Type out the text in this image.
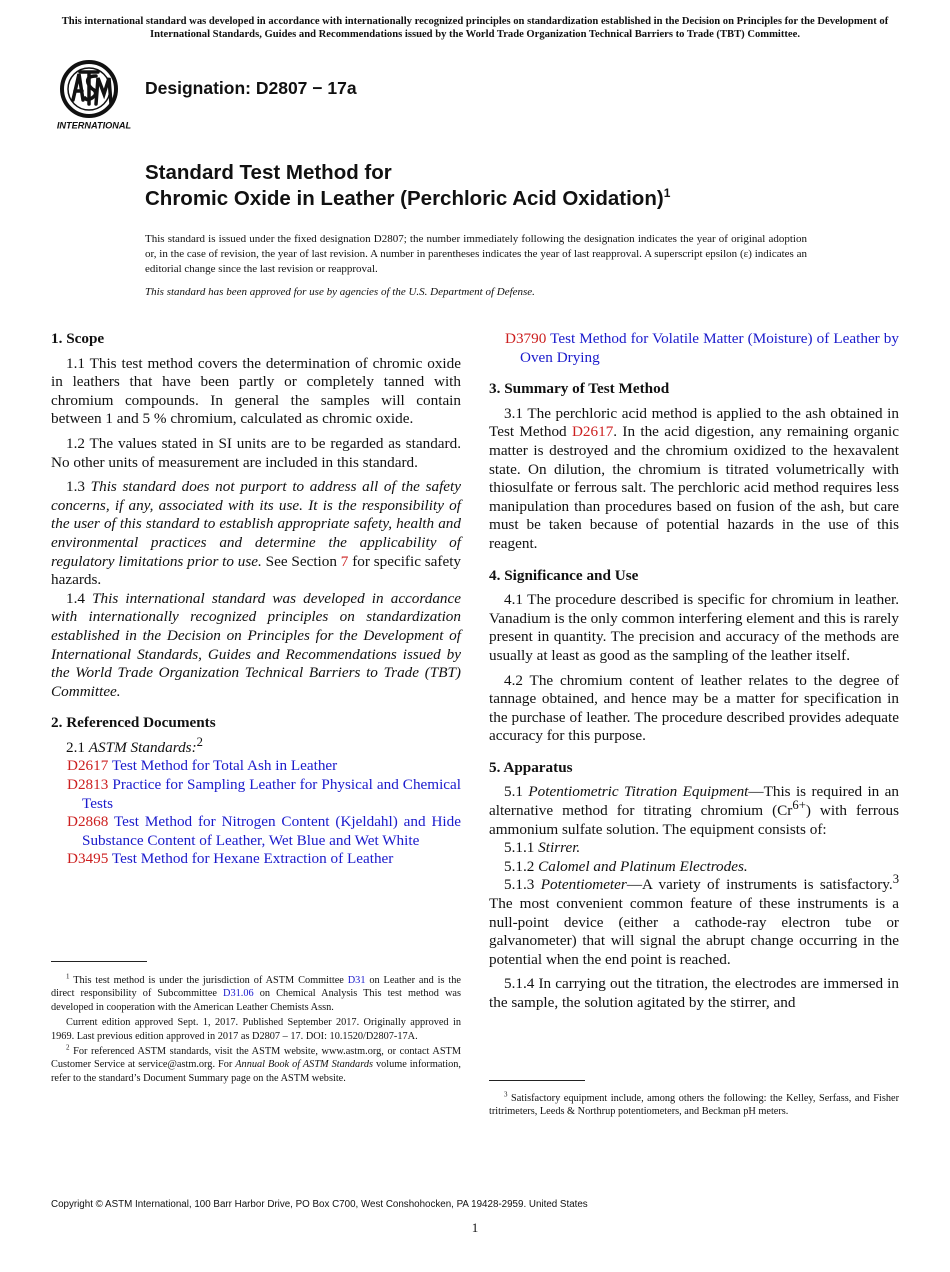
This international standard was developed in accordance with internationally recognized principles on standardization established in the Decision on Principles for the Development of International Standards, Guides and Recommendations issued by the World Trade Organization Technical Barriers to Trade (TBT) Committee.
INTERNATIONAL
Designation: D2807 − 17a
Standard Test Method for
Chromic Oxide in Leather (Perchloric Acid Oxidation)$^1$
This standard is issued under the fixed designation D2807; the number immediately following the designation indicates the year of original adoption or, in the case of revision, the year of last revision. A number in parentheses indicates the year of last reapproval. A superscript epsilon (ε) indicates an editorial change since the last revision or reapproval.
This standard has been approved for use by agencies of the U.S. Department of Defense.

1. Scope

1.1 This test method covers the determination of chromic oxide in leathers that have been partly or completely tanned with chromium compounds. In general the samples will contain between 1 and 5 % chromium, calculated as chromic oxide.

1.2 The values stated in SI units are to be regarded as standard. No other units of measurement are included in this standard.

1.3 This standard does not purport to address all of the safety concerns, if any, associated with its use. It is the responsibility of the user of this standard to establish appropriate safety, health and environmental practices and determine the applicability of regulatory limitations prior to use. See Section 7 for specific safety hazards.

1.4 This international standard was developed in accordance with internationally recognized principles on standardization established in the Decision on Principles for the Development of International Standards, Guides and Recommendations issued by the World Trade Organization Technical Barriers to Trade (TBT) Committee.

2. Referenced Documents

2.1 ASTM Standards:$^2$

D2617 Test Method for Total Ash in Leather

D2813 Practice for Sampling Leather for Physical and Chemical Tests

D2868 Test Method for Nitrogen Content (Kjeldahl) and Hide Substance Content of Leather, Wet Blue and Wet White

D3495 Test Method for Hexane Extraction of Leather

$^1$ This test method is under the jurisdiction of ASTM Committee D31 on Leather and is the direct responsibility of Subcommittee D31.06 on Chemical Analysis This test method was developed in cooperation with the American Leather Chemists Assn.

Current edition approved Sept. 1, 2017. Published September 2017. Originally approved in 1969. Last previous edition approved in 2017 as D2807 – 17. DOI: 10.1520/D2807-17A.

$^2$ For referenced ASTM standards, visit the ASTM website, www.astm.org, or contact ASTM Customer Service at service@astm.org. For Annual Book of ASTM Standards volume information, refer to the standard’s Document Summary page on the ASTM website.

D3790 Test Method for Volatile Matter (Moisture) of Leather by Oven Drying

3. Summary of Test Method

3.1 The perchloric acid method is applied to the ash obtained in Test Method D2617. In the acid digestion, any remaining organic matter is destroyed and the chromium oxidized to the hexavalent state. On dilution, the chromium is titrated volumetrically with thiosulfate or ferrous salt. The perchloric acid method requires less manipulation than procedures based on fusion of the ash, but care must be taken because of potential hazards in the use of this reagent.

4. Significance and Use

4.1 The procedure described is specific for chromium in leather. Vanadium is the only common interfering element and this is rarely present in quantity. The precision and accuracy of the methods are usually at least as good as the sampling of the leather itself.

4.2 The chromium content of leather relates to the degree of tannage obtained, and hence may be a matter for specification in the purchase of leather. The procedure described provides adequate accuracy for this purpose.

5. Apparatus

5.1 Potentiometric Titration Equipment—This is required in an alternative method for titrating chromium $(Cr^{6+})$ with ferrous ammonium sulfate solution. The equipment consists of:

5.1.1 Stirrer.

5.1.2 Calomel and Platinum Electrodes.

5.1.3 Potentiometer—A variety of instruments is satisfactory.$^3$ The most convenient common feature of these instruments is a null-point device (either a cathode-ray electron tube or galvanometer) that will signal the abrupt change occurring in the potential when the end point is reached.

5.1.4 In carrying out the titration, the electrodes are immersed in the sample, the solution agitated by the stirrer, and

$^3$ Satisfactory equipment include, among others the following: the Kelley, Serfass, and Fisher tritrimeters, Leeds & Northrup potentiometers, and Beckman pH meters.

Copyright © ASTM International, 100 Barr Harbor Drive, PO Box C700, West Conshohocken, PA 19428-2959. United States
1
